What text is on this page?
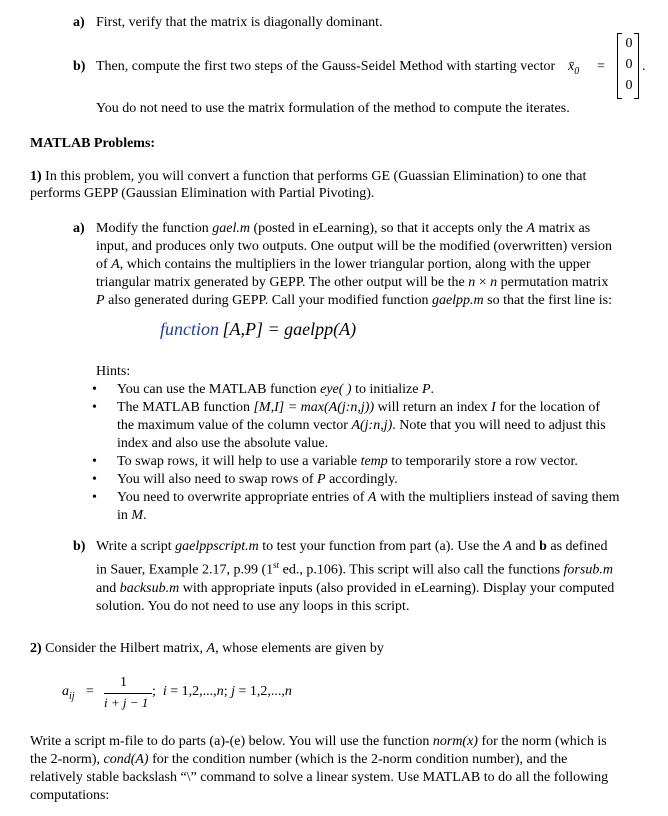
a) First, verify that the matrix is diagonally dominant.
b) Then, compute the first two steps of the Gauss-Seidel Method with starting vector $x̄_0$ =
0
0
0
.
You do not need to use the matrix formulation of the method to compute the iterates.
MATLAB Problems:
1) In this problem, you will convert a function that performs GE (Guassian Elimination) to one that
performs GEPP (Gaussian Elimination with Partial Pivoting).
a) Modify the function gael.m (posted in eLearning), so that it accepts only the A matrix as
input, and produces only two outputs. One output will be the modified (overwritten) version
of A, which contains the multipliers in the lower triangular portion, along with the upper
triangular matrix generated by GEPP. The other output will be the n × n permutation matrix
P also generated during GEPP. Call your modified function gaelpp.m so that the first line is:
function [A,P] = gaelpp(A)
Hints:
• You can use the MATLAB function eye( ) to initialize P.
• The MATLAB function [M,I] = max(A(j:n,j)) will return an index I for the location of
the maximum value of the column vector A(j:n,j). Note that you will need to adjust this
index and also use the absolute value.
• To swap rows, it will help to use a variable temp to temporarily store a row vector.
• You will also need to swap rows of P accordingly.
• You need to overwrite appropriate entries of A with the multipliers instead of saving them
in M.
b) Write a script gaelppscript.m to test your function from part (a). Use the A and b as defined
in Sauer, Example 2.17, p.99 (1st ed., p.106). This script will also call the functions forsub.m
and backsub.m with appropriate inputs (also provided in eLearning). Display your computed
solution. You do not need to use any loops in this script.
2) Consider the Hilbert matrix, A, whose elements are given by
$a_{ij}$ =
1
i + j − 1
;  i = 1,2,...,n; j = 1,2,...,n
Write a script m-file to do parts (a)-(e) below. You will use the function norm(x) for the norm (which is
the 2-norm), cond(A) for the condition number (which is the 2-norm condition number), and the
relatively stable backslash “\” command to solve a linear system. Use MATLAB to do all the following
computations:
